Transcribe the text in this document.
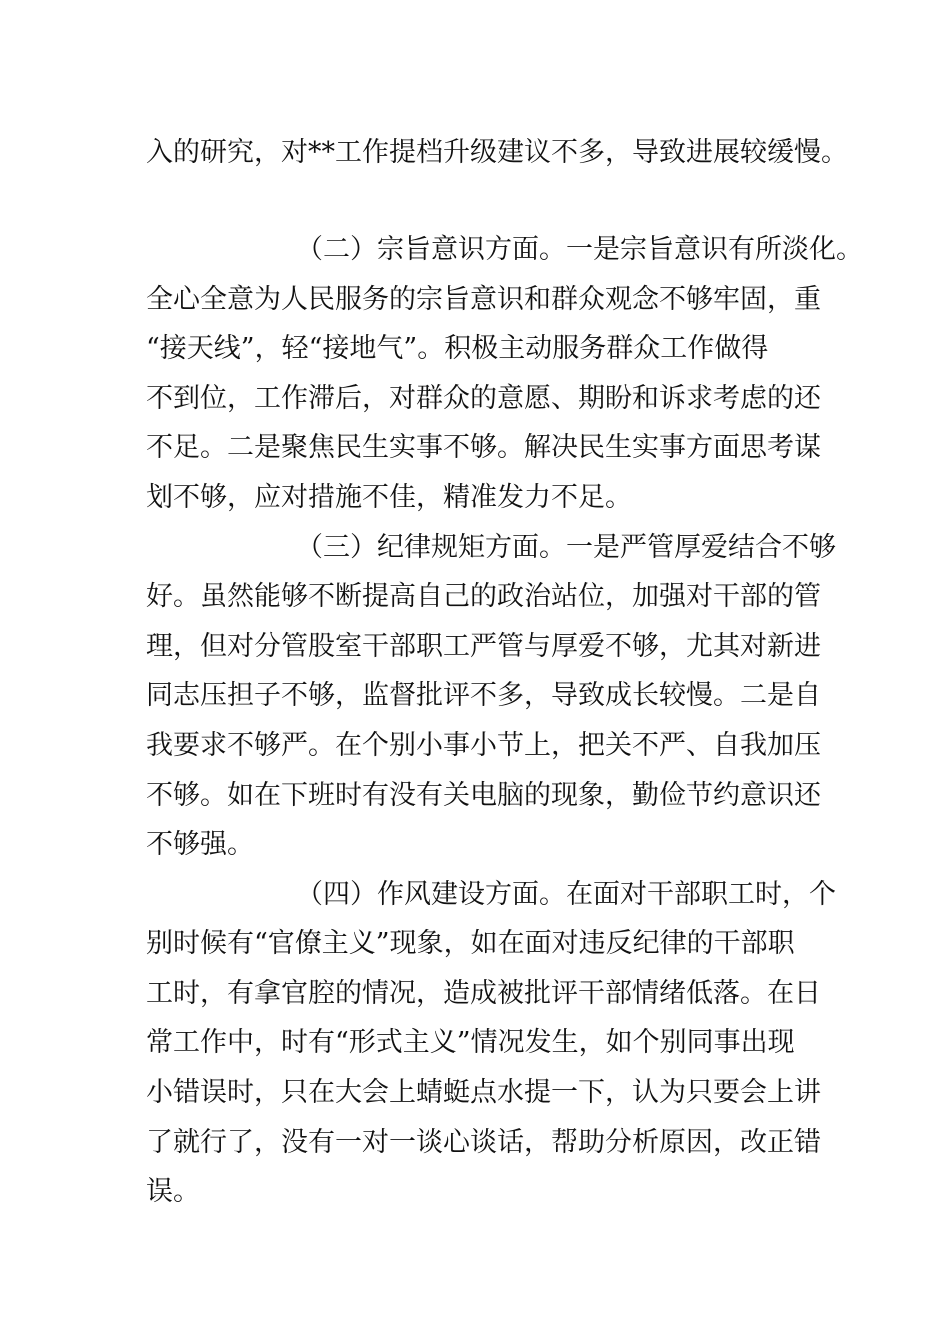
入的研究，对**工作提档升级建议不多，导致进展较缓慢。

（二）宗旨意识方面。一是宗旨意识有所淡化。

全心全意为人民服务的宗旨意识和群众观念不够牢固，重

“接天线”，轻“接地气”。积极主动服务群众工作做得

不到位，工作滞后，对群众的意愿、期盼和诉求考虑的还

不足。二是聚焦民生实事不够。解决民生实事方面思考谋

划不够，应对措施不佳，精准发力不足。

（三）纪律规矩方面。一是严管厚爱结合不够

好。虽然能够不断提高自己的政治站位，加强对干部的管

理，但对分管股室干部职工严管与厚爱不够，尤其对新进

同志压担子不够，监督批评不多，导致成长较慢。二是自

我要求不够严。在个别小事小节上，把关不严、自我加压

不够。如在下班时有没有关电脑的现象，勤俭节约意识还

不够强。

（四）作风建设方面。在面对干部职工时，个

别时候有“官僚主义”现象，如在面对违反纪律的干部职

工时，有拿官腔的情况，造成被批评干部情绪低落。在日

常工作中，时有“形式主义”情况发生，如个别同事出现

小错误时，只在大会上蜻蜓点水提一下，认为只要会上讲

了就行了，没有一对一谈心谈话，帮助分析原因，改正错

误。
